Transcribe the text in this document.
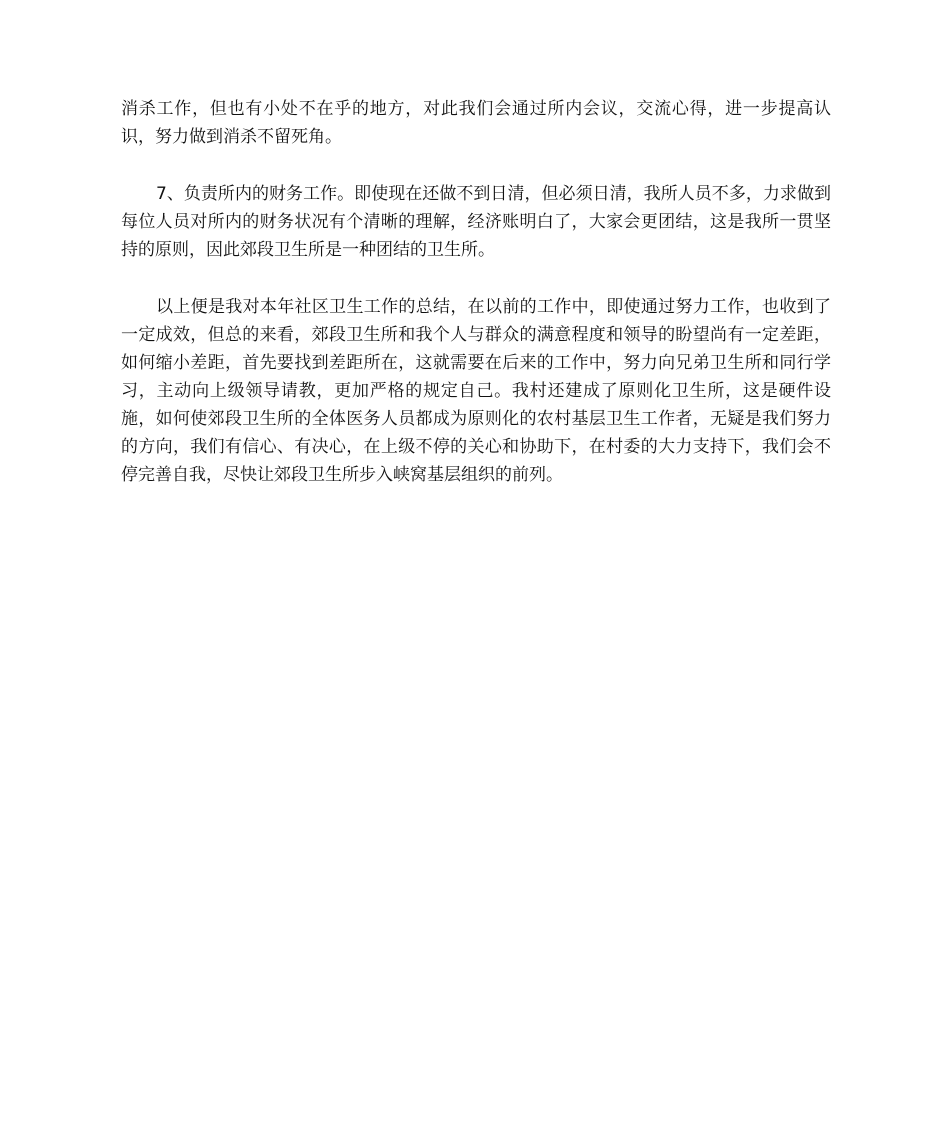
消杀工作，但也有小处不在乎的地方，对此我们会通过所内会议，交流心得，进一步提高认识，努力做到消杀不留死角。

7、负责所内的财务工作。即使现在还做不到日清，但必须日清，我所人员不多，力求做到每位人员对所内的财务状况有个清晰的理解，经济账明白了，大家会更团结，这是我所一贯坚持的原则，因此郊段卫生所是一种团结的卫生所。

以上便是我对本年社区卫生工作的总结，在以前的工作中，即使通过努力工作，也收到了一定成效，但总的来看，郊段卫生所和我个人与群众的满意程度和领导的盼望尚有一定差距，如何缩小差距，首先要找到差距所在，这就需要在后来的工作中，努力向兄弟卫生所和同行学习，主动向上级领导请教，更加严格的规定自己。我村还建成了原则化卫生所，这是硬件设施，如何使郊段卫生所的全体医务人员都成为原则化的农村基层卫生工作者，无疑是我们努力的方向，我们有信心、有决心，在上级不停的关心和协助下，在村委的大力支持下，我们会不停完善自我，尽快让郊段卫生所步入峡窝基层组织的前列。
